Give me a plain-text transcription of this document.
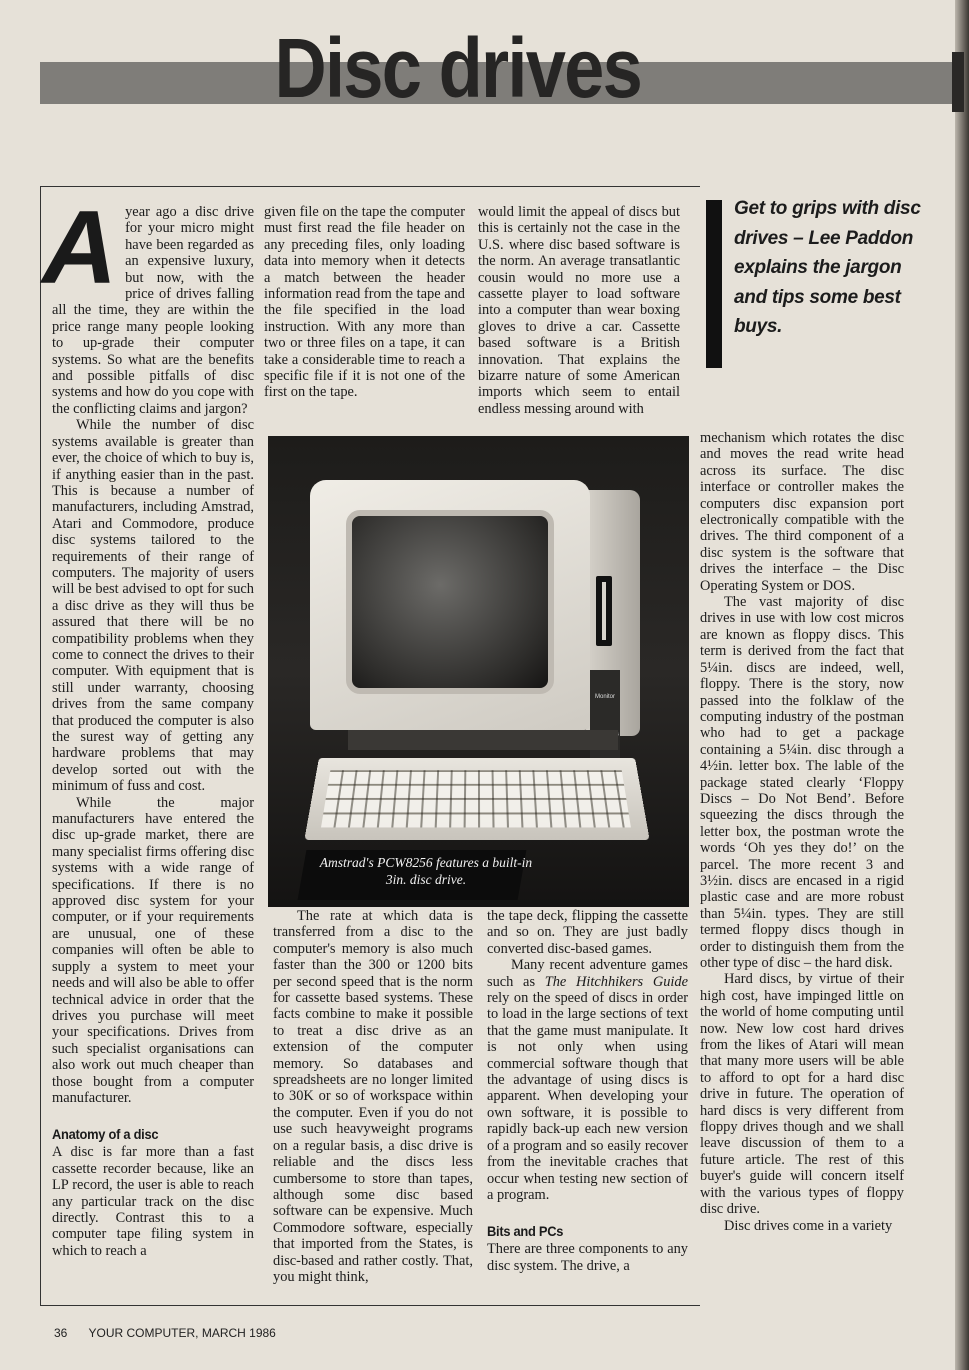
Disc drives
Get to grips with disc drives – Lee Paddon explains the jargon and tips some best buys.
A year ago a disc drive for your micro might have been regarded as an expensive luxury, but now, with the price of drives falling all the time, they are within the price range many people looking to up-grade their computer systems. So what are the benefits and possible pitfalls of disc systems and how do you cope with the conflicting claims and jargon?

While the number of disc systems available is greater than ever, the choice of which to buy is, if anything easier than in the past. This is because a number of manufacturers, including Amstrad, Atari and Commodore, produce disc systems tailored to the requirements of their range of computers. The majority of users will be best advised to opt for such a disc drive as they will thus be assured that there will be no compatibility problems when they come to connect the drives to their computer. With equipment that is still under warranty, choosing drives from the same company that produced the computer is also the surest way of getting any hardware problems that may develop sorted out with the minimum of fuss and cost.

While the major manufacturers have entered the disc up-grade market, there are many specialist firms offering disc systems with a wide range of specifications. If there is no approved disc system for your computer, or if your requirements are unusual, one of these companies will often be able to supply a system to meet your needs and will also be able to offer technical advice in order that the drives you purchase will meet your specifications. Drives from such specialist organisations can also work out much cheaper than those bought from a computer manufacturer.

Anatomy of a disc

A disc is far more than a fast cassette recorder because, like an LP record, the user is able to reach any particular track on the disc directly. Contrast this to a computer tape filing system in which to reach a

given file on the tape the computer must first read the file header on any preceding files, only loading data into memory when it detects a match between the header information read from the tape and the file specified in the load instruction. With any more than two or three files on a tape, it can take a considerable time to reach a specific file if it is not one of the first on the tape.

would limit the appeal of discs but this is certainly not the case in the U.S. where disc based software is the norm. An average transatlantic cousin would no more use a cassette player to load software into a computer than wear boxing gloves to drive a car. Cassette based software is a British innovation. That explains the bizarre nature of some American imports which seem to entail endless messing around with

Monitor
Amstrad's PCW8256 features a built-in 3in. disc drive.

The rate at which data is transferred from a disc to the computer's memory is also much faster than the 300 or 1200 bits per second speed that is the norm for cassette based systems. These facts combine to make it possible to treat a disc drive as an extension of the computer memory. So databases and spreadsheets are no longer limited to 30K or so of workspace within the computer. Even if you do not use such heavyweight programs on a regular basis, a disc drive is reliable and the discs less cumbersome to store than tapes, although some disc based software can be expensive. Much Commodore software, especially that imported from the States, is disc-based and rather costly. That, you might think,

the tape deck, flipping the cassette and so on. They are just badly converted disc-based games.

Many recent adventure games such as The Hitchhikers Guide rely on the speed of discs in order to load in the large sections of text that the game must manipulate. It is not only when using commercial software though that the advantage of using discs is apparent. When developing your own software, it is possible to rapidly back-up each new version of a program and so easily recover from the inevitable craches that occur when testing new section of a program.

Bits and PCs

There are three components to any disc system. The drive, a

mechanism which rotates the disc and moves the read write head across its surface. The disc interface or controller makes the computers disc expansion port electronically compatible with the drives. The third component of a disc system is the software that drives the interface – the Disc Operating System or DOS.

The vast majority of disc drives in use with low cost micros are known as floppy discs. This term is derived from the fact that 5¼in. discs are indeed, well, floppy. There is the story, now passed into the folklaw of the computing industry of the postman who had to get a package containing a 5¼in. disc through a 4½in. letter box. The lable of the package stated clearly ‘Floppy Discs – Do Not Bend’. Before squeezing the discs through the letter box, the postman wrote the words ‘Oh yes they do!’ on the parcel. The more recent 3 and 3½in. discs are encased in a rigid plastic case and are more robust than 5¼in. types. They are still termed floppy discs though in order to distinguish them from the other type of disc – the hard disk.

Hard discs, by virtue of their high cost, have impinged little on the world of home computing until now. New low cost hard drives from the likes of Atari will mean that many more users will be able to afford to opt for a hard disc drive in future. The operation of hard discs is very different from floppy drives though and we shall leave discussion of them to a future article. The rest of this buyer's guide will concern itself with the various types of floppy disc drive.

Disc drives come in a variety

36 YOUR COMPUTER, MARCH 1986
